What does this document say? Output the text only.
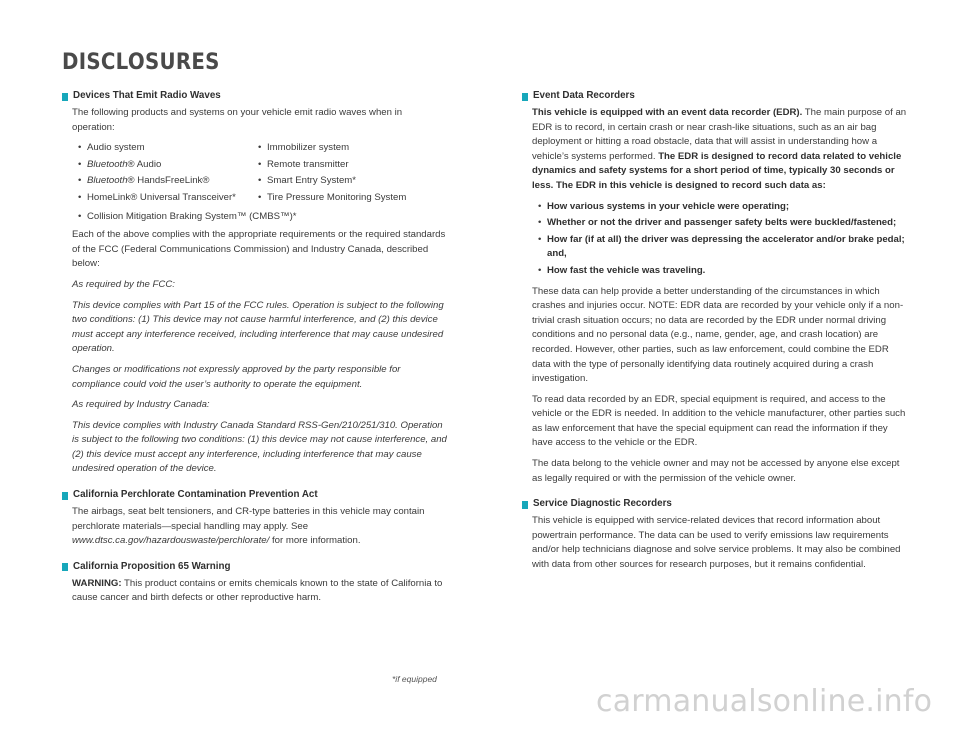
DISCLOSURES
Devices That Emit Radio Waves

The following products and systems on your vehicle emit radio waves when in operation:

• Audio system	• Immobilizer system
• Bluetooth® Audio	• Remote transmitter
• Bluetooth® HandsFreeLink®	• Smart Entry System*
• HomeLink® Universal Transceiver* • Tire Pressure Monitoring System
• Collision Mitigation Braking System™ (CMBS™)*

Each of the above complies with the appropriate requirements or the required standards of the FCC (Federal Communications Commission) and Industry Canada, described below:

As required by the FCC:

This device complies with Part 15 of the FCC rules. Operation is subject to the following two conditions: (1) This device may not cause harmful interference, and (2) this device must accept any interference received, including interference that may cause undesired operation.

Changes or modifications not expressly approved by the party responsible for compliance could void the user’s authority to operate the equipment.

As required by Industry Canada:

This device complies with Industry Canada Standard RSS-Gen/210/251/310. Operation is subject to the following two conditions: (1) this device may not cause interference, and (2) this device must accept any interference, including interference that may cause undesired operation of the device.

California Perchlorate Contamination Prevention Act

The airbags, seat belt tensioners, and CR-type batteries in this vehicle may contain perchlorate materials—special handling may apply. See www.dtsc.ca.gov/hazardouswaste/perchlorate/ for more information.

California Proposition 65 Warning

WARNING: This product contains or emits chemicals known to the state of California to cause cancer and birth defects or other reproductive harm.

Event Data Recorders

This vehicle is equipped with an event data recorder (EDR). The main purpose of an EDR is to record, in certain crash or near crash-like situations, such as an air bag deployment or hitting a road obstacle, data that will assist in understanding how a vehicle’s systems performed. The EDR is designed to record data related to vehicle dynamics and safety systems for a short period of time, typically 30 seconds or less. The EDR in this vehicle is designed to record such data as:

• How various systems in your vehicle were operating;
• Whether or not the driver and passenger safety belts were buckled/fastened;
• How far (if at all) the driver was depressing the accelerator and/or brake pedal; and,
• How fast the vehicle was traveling.

These data can help provide a better understanding of the circumstances in which crashes and injuries occur. NOTE: EDR data are recorded by your vehicle only if a non-trivial crash situation occurs; no data are recorded by the EDR under normal driving conditions and no personal data (e.g., name, gender, age, and crash location) are recorded. However, other parties, such as law enforcement, could combine the EDR data with the type of personally identifying data routinely acquired during a crash investigation.

To read data recorded by an EDR, special equipment is required, and access to the vehicle or the EDR is needed. In addition to the vehicle manufacturer, other parties such as law enforcement that have the special equipment can read the information if they have access to the vehicle or the EDR.

The data belong to the vehicle owner and may not be accessed by anyone else except as legally required or with the permission of the vehicle owner.

Service Diagnostic Recorders

This vehicle is equipped with service-related devices that record information about powertrain performance. The data can be used to verify emissions law requirements and/or help technicians diagnose and solve service problems. It may also be combined with data from other sources for research purposes, but it remains confidential.

*if equipped
carmanualsonline.info
